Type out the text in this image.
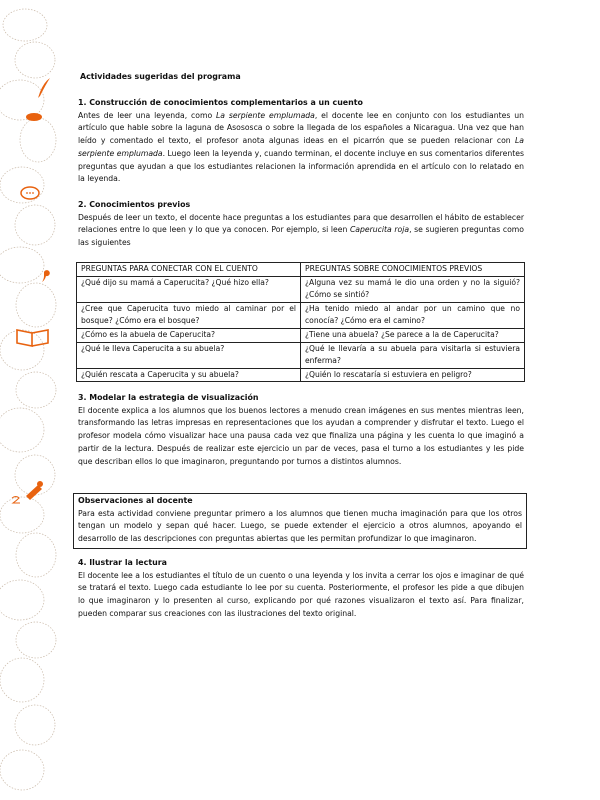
Actividades sugeridas del programa
1. Construcción de conocimientos complementarios a un cuento
Antes de leer una leyenda, como La serpiente emplumada, el docente lee en conjunto con los estudiantes un artículo que hable sobre la laguna de Asososca o sobre la llegada de los españoles a Nicaragua. Una vez que han leído y comentado el texto, el profesor anota algunas ideas en el picarrón que se pueden relacionar con La serpiente emplumada. Luego leen la leyenda y, cuando terminan, el docente incluye en sus comentarios diferentes preguntas que ayudan a que los estudiantes relacionen la información aprendida en el artículo con lo relatado en la leyenda.
2. Conocimientos previos
Después de leer un texto, el docente hace preguntas a los estudiantes para que desarrollen el hábito de establecer relaciones entre lo que leen y lo que ya conocen. Por ejemplo, si leen Caperucita roja, se sugieren preguntas como las siguientes
PREGUNTAS PARA CONECTAR CON EL CUENTO	PREGUNTAS SOBRE CONOCIMIENTOS PREVIOS
¿Qué dijo su mamá a Caperucita? ¿Qué hizo ella?	¿Alguna vez su mamá le dio una orden y no la siguió? ¿Cómo se sintió?
¿Cree que Caperucita tuvo miedo al caminar por el bosque? ¿Cómo era el bosque?	¿Ha tenido miedo al andar por un camino que no conocía? ¿Cómo era el camino?
¿Cómo es la abuela de Caperucita?	¿Tiene una abuela? ¿Se parece a la de Caperucita?
¿Qué le lleva Caperucita a su abuela?	¿Qué le llevaría a su abuela para visitarla si estuviera enferma?
¿Quién rescata a Caperucita y su abuela?	¿Quién lo rescataría si estuviera en peligro?
3. Modelar la estrategia de visualización
El docente explica a los alumnos que los buenos lectores a menudo crean imágenes en sus mentes mientras leen, transformando las letras impresas en representaciones que los ayudan a comprender y disfrutar el texto. Luego el profesor modela cómo visualizar hace una pausa cada vez que finaliza una página y les cuenta lo que imaginó a partir de la lectura. Después de realizar este ejercicio un par de veces, pasa el turno a los estudiantes y les pide que describan ellos lo que imaginaron, preguntando por turnos a distintos alumnos.
Observaciones al docente
Para esta actividad conviene preguntar primero a los alumnos que tienen mucha imaginación para que los otros tengan un modelo y sepan qué hacer. Luego, se puede extender el ejercicio a otros alumnos, apoyando el desarrollo de las descripciones con preguntas abiertas que les permitan profundizar lo que imaginaron.
4. Ilustrar la lectura
El docente lee a los estudiantes el título de un cuento o una leyenda y los invita a cerrar los ojos e imaginar de qué se tratará el texto. Luego cada estudiante lo lee por su cuenta. Posteriormente, el profesor les pide a que dibujen lo que imaginaron y lo presenten al curso, explicando por qué razones visualizaron el texto así. Para finalizar, pueden comparar sus creaciones con las ilustraciones del texto original.
